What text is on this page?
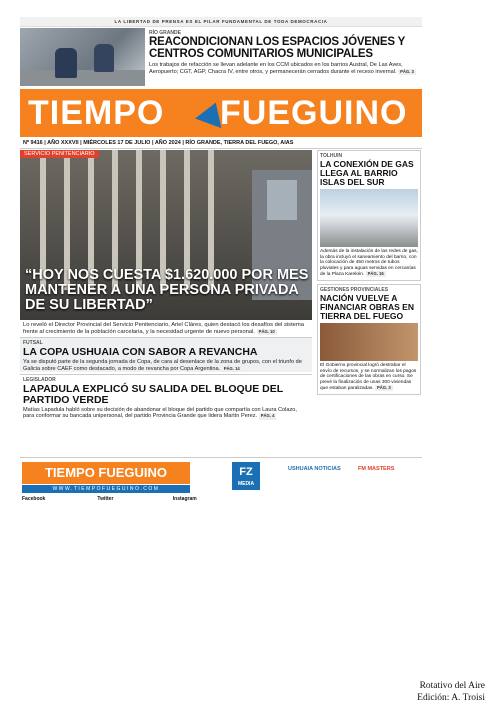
LA LIBERTAD DE PRENSA ES EL PILAR FUNDAMENTAL DE TODA DEMOCRACIA
RÍO GRANDE
REACONDICIONAN LOS ESPACIOS JÓVENES Y CENTROS COMUNITARIOS MUNICIPALES

Los trabajos de refacción se llevan adelante en los CCM ubicados en los barrios Austral, De Las Aves, Aeropuerto; CGT, AGP, Chacra IV, entre otros, y permanecerán cerrados durante el receso invernal. PÁG. 3

TIEMPO FUEGUINO
Nº 9416 | AÑO XXXVII | MIÉRCOLES 17 DE JULIO | AÑO 2024 | RÍO GRANDE, TIERRA DEL FUEGO, AIAS
SERVICIO PENITENCIARIO
“HOY NOS CUESTA $1.620.000 POR MES MANTENER A UNA PERSONA PRIVADA DE SU LIBERTAD”

Lo reveló el Director Provincial del Servicio Penitenciario, Ariel Cláres, quien destacó los desafíos del sistema frente al crecimiento de la población carcelaria, y la necesidad urgente de nuevo personal. PÁG. 10

FUTSAL
LA COPA USHUAIA CON SABOR A REVANCHA

Ya se disputó parte de la segunda jornada de Copa, de cara al desenlace de la zona de grupos, con el triunfo de Galicia sobre CAEF como destacado, a modo de revancha por Copa Argentina. PÁG. 14

LEGISLADOR
LAPADULA EXPLICÓ SU SALIDA DEL BLOQUE DEL PARTIDO VERDE

Matías Lapadula habló sobre su decisión de abandonar el bloque del partido que compartía con Laura Colazo, para conformar su bancada unipersonal, del partido Provincia Grande que lidera Martín Perez. PÁG. 4

TOLHUIN
LA CONEXIÓN DE GAS LLEGA AL BARRIO ISLAS DEL SUR

Además de la instalación de las redes de gas, la obra incluyó el saneamiento del barrio, con la colocación de 450 metros de tubos pluviales y para aguas servidas en cercanías de la Plaza Karekén. PÁG. 16

GESTIONES PROVINCIALES
NACIÓN VUELVE A FINANCIAR OBRAS EN TIERRA DEL FUEGO

El Gobierno provincial logró destrabar el envío de recursos, y se normalizan los pagos de certificaciones de las obras en curso. Se prevé la finalización de unas 300 viviendas que estaban paralizadas. PÁG. 3

TIEMPO FUEGUINO
WWW.TIEMPOFUEGUINO.COM
Facebook	Twitter	Instagram
FZ
MEDIA
USHUAIA NOTICIAS	FM MASTERS
Rotativo del Aire
Edición: A. Troisi
